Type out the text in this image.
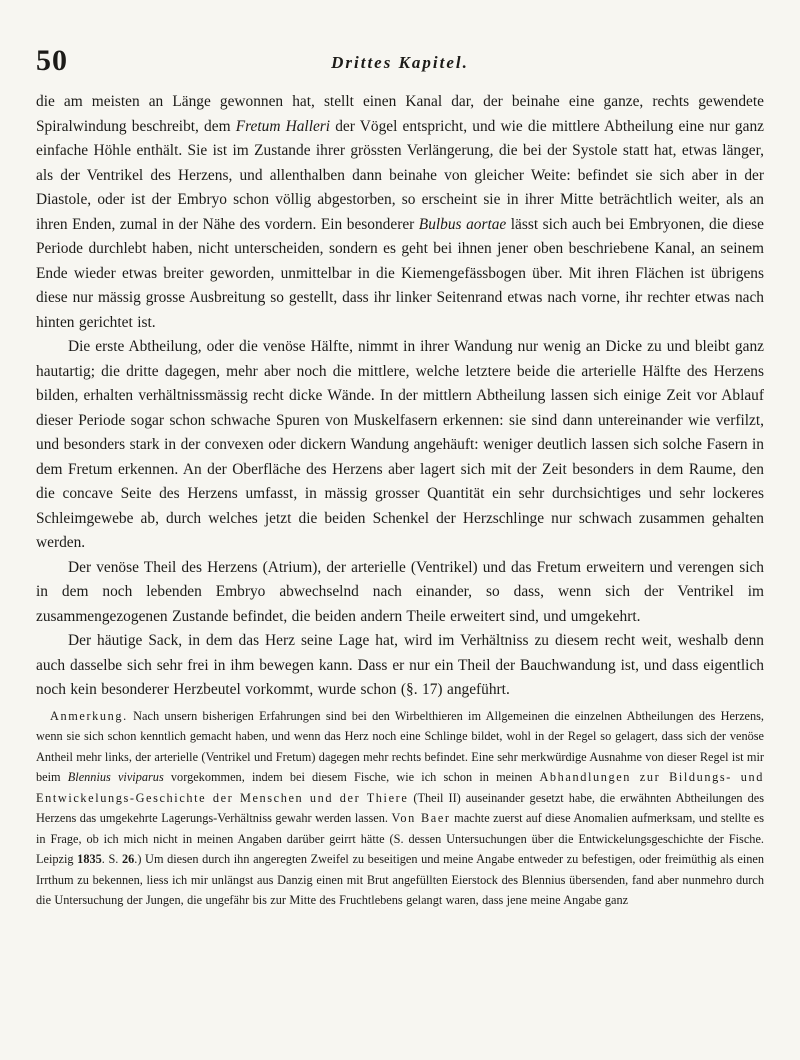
50	Drittes Kapitel.

die am meisten an Länge gewonnen hat, stellt einen Kanal dar, der beinahe eine ganze, rechts gewendete Spiralwindung beschreibt, dem Fretum Halleri der Vögel entspricht, und wie die mittlere Abtheilung eine nur ganz einfache Höhle enthält. Sie ist im Zustande ihrer grössten Verlängerung, die bei der Systole statt hat, etwas länger, als der Ventrikel des Herzens, und allenthalben dann beinahe von gleicher Weite: befindet sie sich aber in der Diastole, oder ist der Embryo schon völlig abgestorben, so erscheint sie in ihrer Mitte beträchtlich weiter, als an ihren Enden, zumal in der Nähe des vordern. Ein besonderer Bulbus aortae lässt sich auch bei Embryonen, die diese Periode durchlebt haben, nicht unterscheiden, sondern es geht bei ihnen jener oben beschriebene Kanal, an seinem Ende wieder etwas breiter geworden, unmittelbar in die Kiemengefässbogen über. Mit ihren Flächen ist übrigens diese nur mässig grosse Ausbreitung so gestellt, dass ihr linker Seitenrand etwas nach vorne, ihr rechter etwas nach hinten gerichtet ist.

Die erste Abtheilung, oder die venöse Hälfte, nimmt in ihrer Wandung nur wenig an Dicke zu und bleibt ganz hautartig; die dritte dagegen, mehr aber noch die mittlere, welche letztere beide die arterielle Hälfte des Herzens bilden, erhalten verhältnissmässig recht dicke Wände. In der mittlern Abtheilung lassen sich einige Zeit vor Ablauf dieser Periode sogar schon schwache Spuren von Muskelfasern erkennen: sie sind dann untereinander wie verfilzt, und besonders stark in der convexen oder dickern Wandung angehäuft: weniger deutlich lassen sich solche Fasern in dem Fretum erkennen. An der Oberfläche des Herzens aber lagert sich mit der Zeit besonders in dem Raume, den die concave Seite des Herzens umfasst, in mässig grosser Quantität ein sehr durchsichtiges und sehr lockeres Schleimgewebe ab, durch welches jetzt die beiden Schenkel der Herzschlinge nur schwach zusammen gehalten werden.

Der venöse Theil des Herzens (Atrium), der arterielle (Ventrikel) und das Fretum erweitern und verengen sich in dem noch lebenden Embryo abwechselnd nach einander, so dass, wenn sich der Ventrikel im zusammengezogenen Zustande befindet, die beiden andern Theile erweitert sind, und umgekehrt.

Der häutige Sack, in dem das Herz seine Lage hat, wird im Verhältniss zu diesem recht weit, weshalb denn auch dasselbe sich sehr frei in ihm bewegen kann. Dass er nur ein Theil der Bauchwandung ist, und dass eigentlich noch kein besonderer Herzbeutel vorkommt, wurde schon (§. 17) angeführt.

Anmerkung. Nach unsern bisherigen Erfahrungen sind bei den Wirbelthieren im Allgemeinen die einzelnen Abtheilungen des Herzens, wenn sie sich schon kenntlich gemacht haben, und wenn das Herz noch eine Schlinge bildet, wohl in der Regel so gelagert, dass sich der venöse Antheil mehr links, der arterielle (Ventrikel und Fretum) dagegen mehr rechts befindet. Eine sehr merkwürdige Ausnahme von dieser Regel ist mir beim Blennius viviparus vorgekommen, indem bei diesem Fische, wie ich schon in meinen Abhandlungen zur Bildungs- und Entwickelungs-Geschichte der Menschen und der Thiere (Theil II) auseinander gesetzt habe, die erwähnten Abtheilungen des Herzens das umgekehrte Lagerungs-Verhältniss gewahr werden lassen. Von Baer machte zuerst auf diese Anomalien aufmerksam, und stellte es in Frage, ob ich mich nicht in meinen Angaben darüber geirrt hätte (S. dessen Untersuchungen über die Entwickelungsgeschichte der Fische. Leipzig 1835. S. 26.) Um diesen durch ihn angeregten Zweifel zu beseitigen und meine Angabe entweder zu befestigen, oder freimüthig als einen Irrthum zu bekennen, liess ich mir unlängst aus Danzig einen mit Brut angefüllten Eierstock des Blennius übersenden, fand aber nunmehro durch die Untersuchung der Jungen, die ungefähr bis zur Mitte des Fruchtlebens gelangt waren, dass jene meine Angabe ganz
